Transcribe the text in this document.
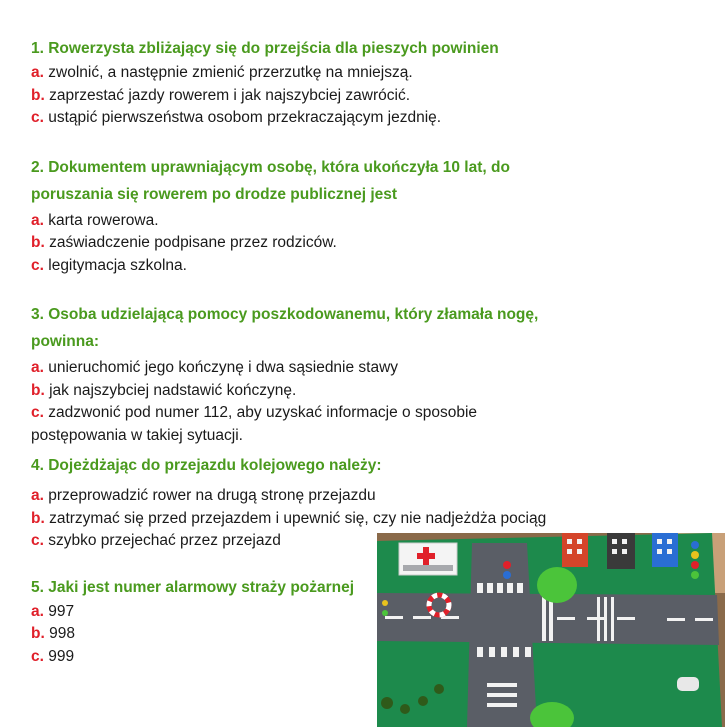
1. Rowerzysta zbliżający się do przejścia dla pieszych powinien
a. zwolnić, a następnie zmienić przerzutkę na mniejszą.
b. zaprzestać jazdy rowerem i jak najszybciej zawrócić.
c. ustąpić pierwszeństwa osobom przekraczającym jezdnię.
2. Dokumentem uprawniającym osobę, która ukończyła 10 lat, do
poruszania się rowerem po drodze publicznej jest
a. karta rowerowa.
b. zaświadczenie podpisane przez rodziców.
c. legitymacja szkolna.
3. Osoba udzielającą pomocy poszkodowanemu, który złamała nogę,
powinna:
a. unieruchomić jego kończynę i dwa sąsiednie stawy
b. jak najszybciej nadstawić kończynę.
c. zadzwonić pod numer 112, aby uzyskać informacje o sposobie
postępowania w takiej sytuacji.
4. Dojeżdżając do przejazdu kolejowego należy:
a. przeprowadzić rower na drugą stronę przejazdu
b. zatrzymać się przed przejazdem i upewnić się, czy nie nadjeżdża pociąg
c. szybko przejechać przez przejazd
5. Jaki jest numer alarmowy straży pożarnej
a. 997
b. 998
c. 999
